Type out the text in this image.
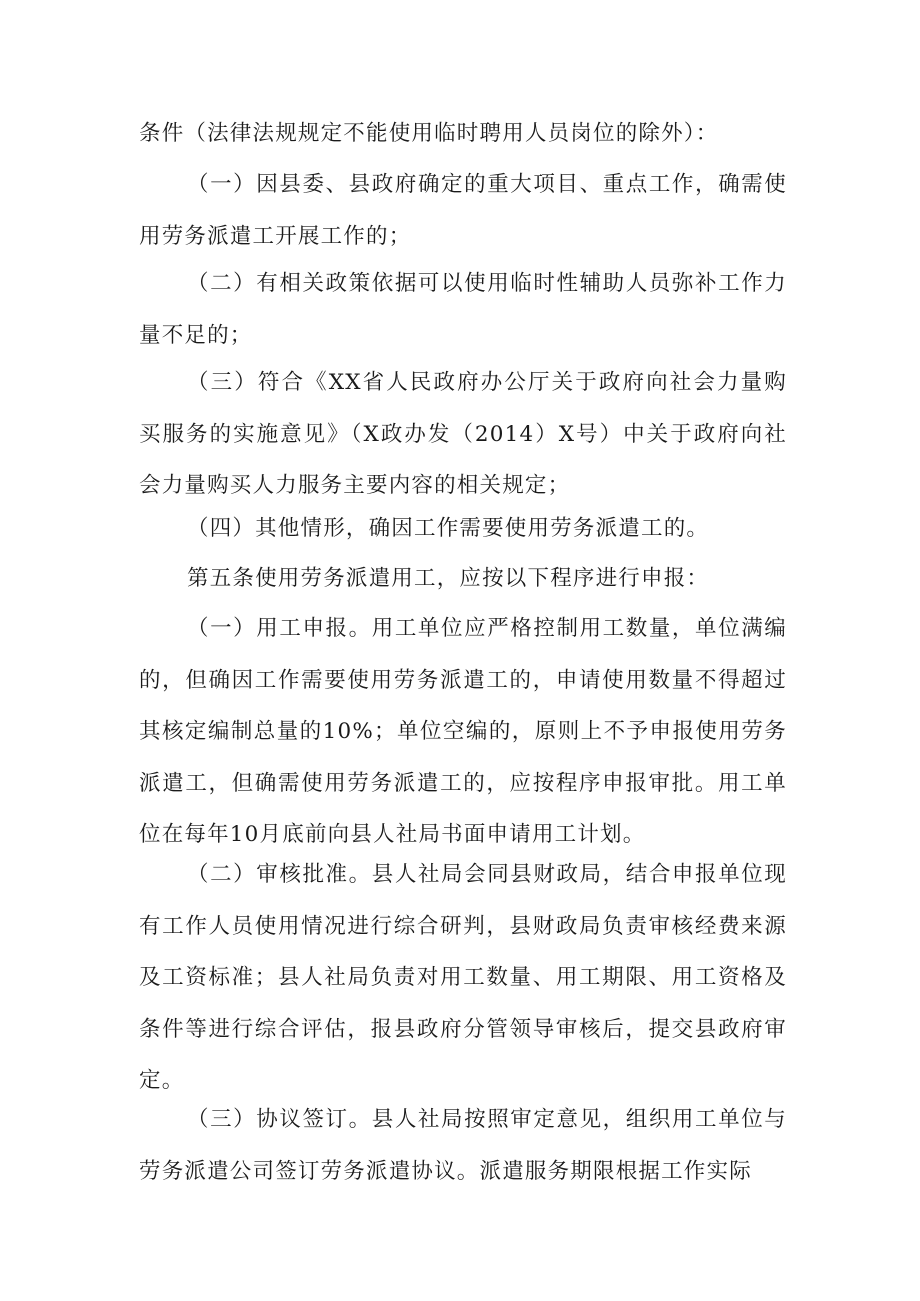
条件（法律法规规定不能使用临时聘用人员岗位的除外）：

（一）因县委、县政府确定的重大项目、重点工作，确需使用劳务派遣工开展工作的；

（二）有相关政策依据可以使用临时性辅助人员弥补工作力量不足的；

（三）符合《XX省人民政府办公厅关于政府向社会力量购买服务的实施意见》（X政办发（2014）X号）中关于政府向社会力量购买人力服务主要内容的相关规定；

（四）其他情形，确因工作需要使用劳务派遣工的。

第五条使用劳务派遣用工，应按以下程序进行申报：

（一）用工申报。用工单位应严格控制用工数量，单位满编的，但确因工作需要使用劳务派遣工的，申请使用数量不得超过其核定编制总量的10%；单位空编的，原则上不予申报使用劳务派遣工，但确需使用劳务派遣工的，应按程序申报审批。用工单位在每年10月底前向县人社局书面申请用工计划。

（二）审核批准。县人社局会同县财政局，结合申报单位现有工作人员使用情况进行综合研判，县财政局负责审核经费来源及工资标准；县人社局负责对用工数量、用工期限、用工资格及条件等进行综合评估，报县政府分管领导审核后，提交县政府审定。

（三）协议签订。县人社局按照审定意见，组织用工单位与劳务派遣公司签订劳务派遣协议。派遣服务期限根据工作实际
